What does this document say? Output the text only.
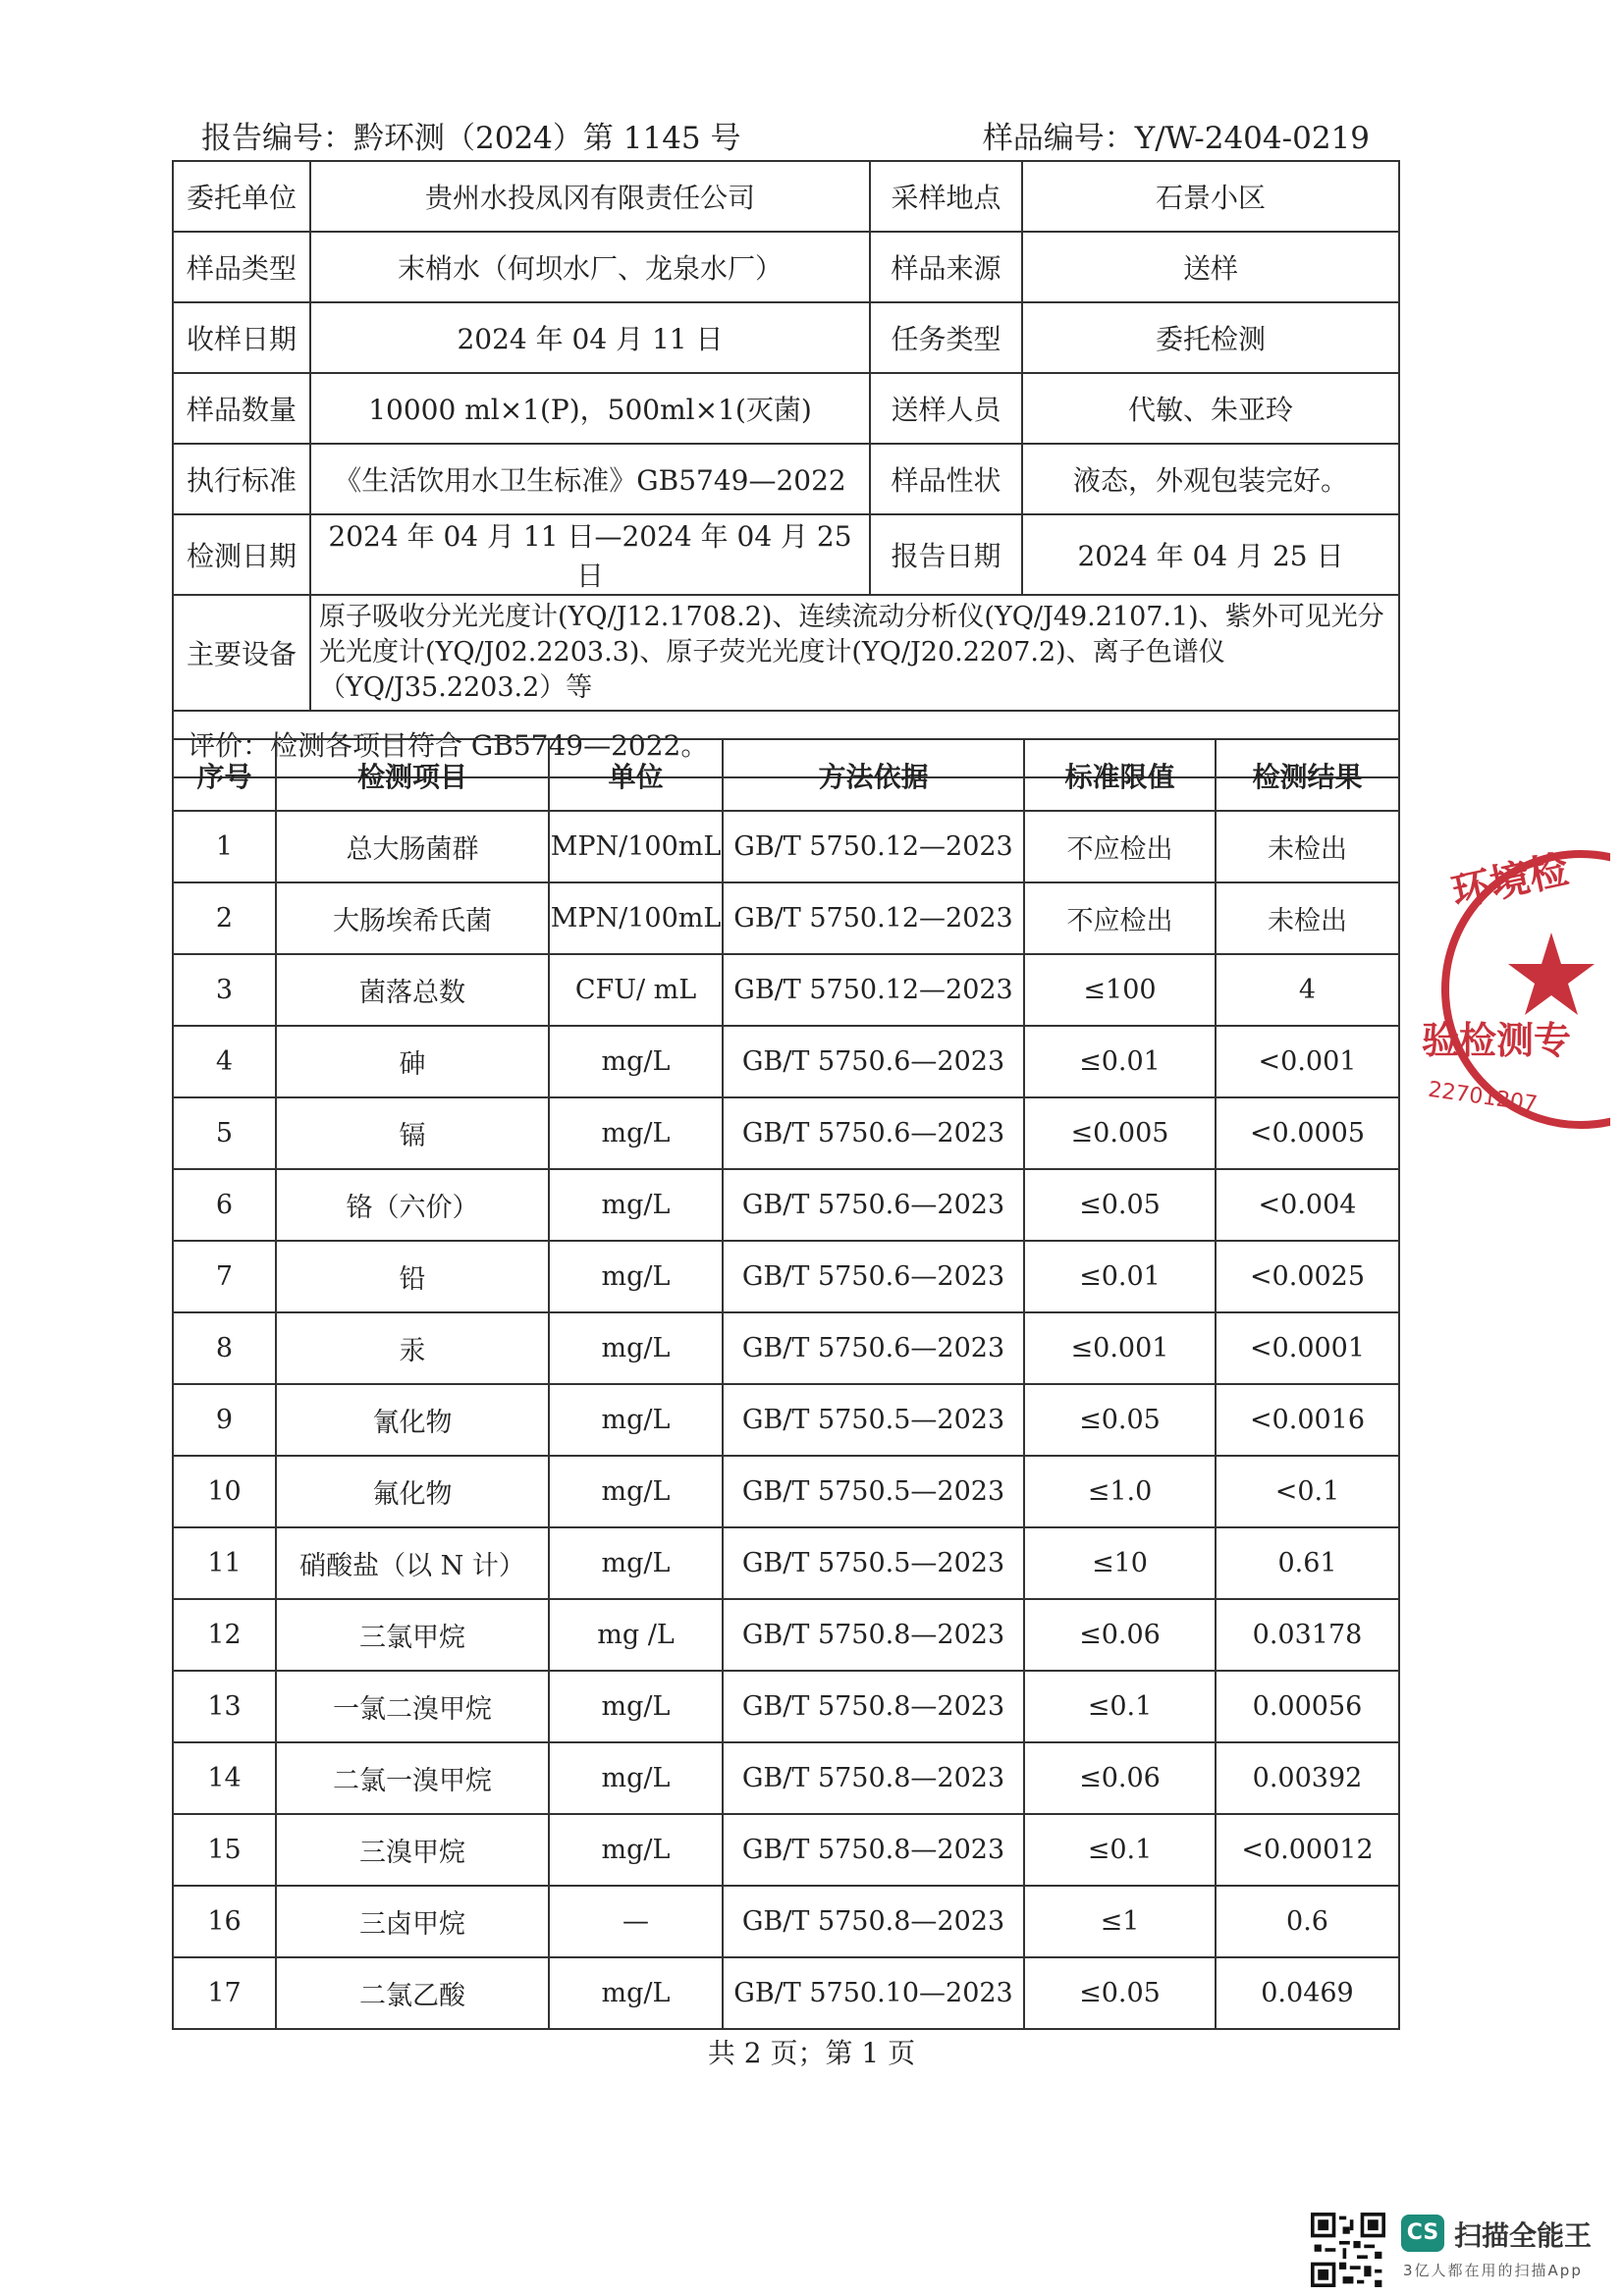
报告编号：黔环测（2024）第 1145 号	样品编号：Y/W-2404-0219
委托单位	贵州水投凤冈有限责任公司	采样地点	石景小区
样品类型	末梢水（何坝水厂、龙泉水厂）	样品来源	送样
收样日期	2024 年 04 月 11 日	任务类型	委托检测
样品数量	10000 ml×1(P)，500ml×1(灭菌)	送样人员	代敏、朱亚玲
执行标准	《生活饮用水卫生标准》GB5749—2022	样品性状	液态，外观包装完好。
检测日期	2024 年 04 月 11 日—2024 年 04 月 25 日	报告日期	2024 年 04 月 25 日
主要设备	原子吸收分光光度计(YQ/J12.1708.2)、连续流动分析仪(YQ/J49.2107.1)、紫外可见光分光光度计(YQ/J02.2203.3)、原子荧光光度计(YQ/J20.2207.2)、离子色谱仪（YQ/J35.2203.2）等		
评价：检测各项目符合 GB5749—2022。			
序号	检测项目	单位	方法依据	标准限值	检测结果
1	总大肠菌群	MPN/100mL	GB/T 5750.12—2023	不应检出	未检出
2	大肠埃希氏菌	MPN/100mL	GB/T 5750.12—2023	不应检出	未检出
3	菌落总数	CFU/ mL	GB/T 5750.12—2023	≤100	4
4	砷	mg/L	GB/T 5750.6—2023	≤0.01	<0.001
5	镉	mg/L	GB/T 5750.6—2023	≤0.005	<0.0005
6	铬（六价）	mg/L	GB/T 5750.6—2023	≤0.05	<0.004
7	铅	mg/L	GB/T 5750.6—2023	≤0.01	<0.0025
8	汞	mg/L	GB/T 5750.6—2023	≤0.001	<0.0001
9	氰化物	mg/L	GB/T 5750.5—2023	≤0.05	<0.0016
10	氟化物	mg/L	GB/T 5750.5—2023	≤1.0	<0.1
11	硝酸盐（以 N 计）	mg/L	GB/T 5750.5—2023	≤10	0.61
12	三氯甲烷	mg /L	GB/T 5750.8—2023	≤0.06	0.03178
13	一氯二溴甲烷	mg/L	GB/T 5750.8—2023	≤0.1	0.00056
14	二氯一溴甲烷	mg/L	GB/T 5750.8—2023	≤0.06	0.00392
15	三溴甲烷	mg/L	GB/T 5750.8—2023	≤0.1	<0.00012
16	三卤甲烷	—	GB/T 5750.8—2023	≤1	0.6
17	二氯乙酸	mg/L	GB/T 5750.10—2023	≤0.05	0.0469
共 2 页；第 1 页
环境检
验检测专
22701207
CS 扫描全能王
3亿人都在用的扫描App
